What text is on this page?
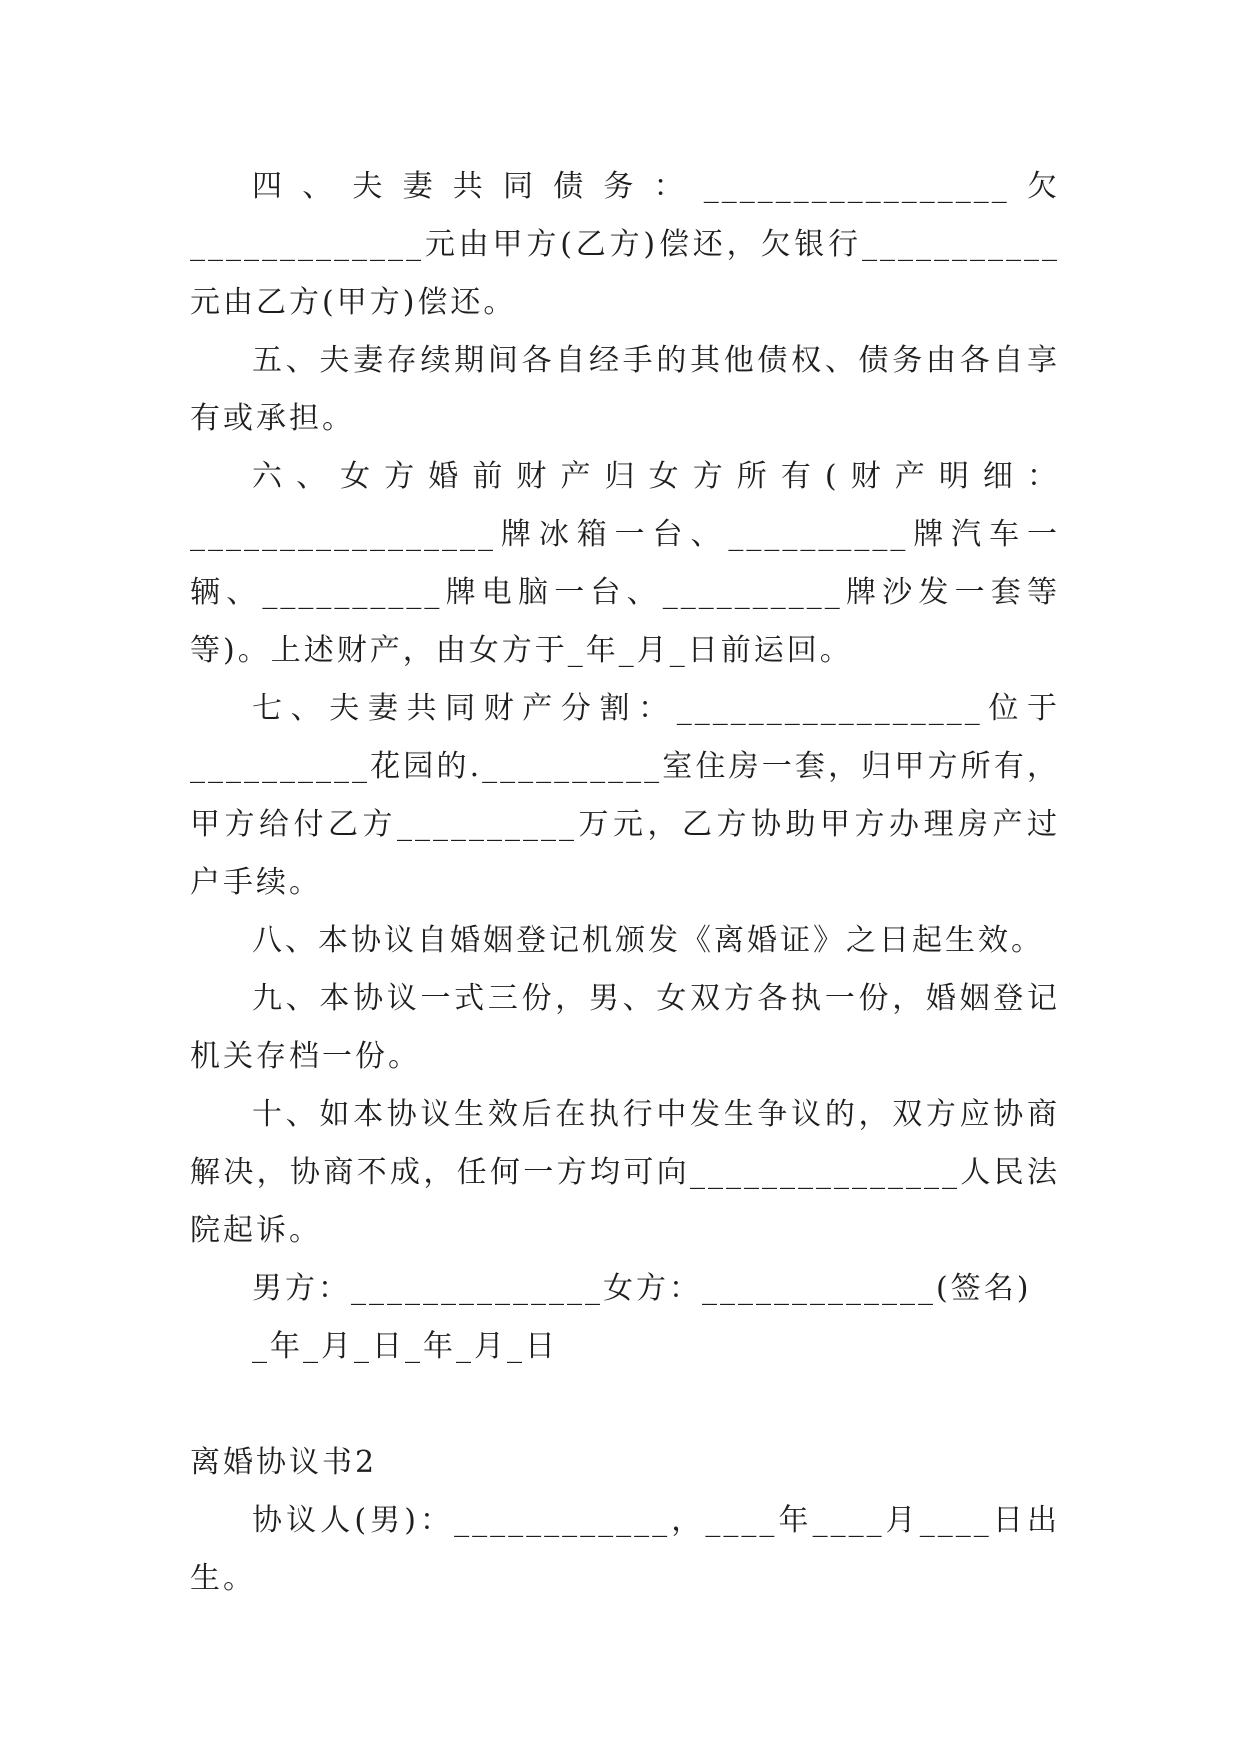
四、夫妻共同债务：_________________欠_____________元由甲方(乙方)偿还，欠银行___________元由乙方(甲方)偿还。

五、夫妻存续期间各自经手的其他债权、债务由各自享有或承担。

六、女方婚前财产归女方所有(财产明细：_________________牌冰箱一台、__________牌汽车一辆、__________牌电脑一台、__________牌沙发一套等等)。上述财产，由女方于_年_月_日前运回。

七、夫妻共同财产分割：_________________位于__________花园的.__________室住房一套，归甲方所有，甲方给付乙方__________万元，乙方协助甲方办理房产过户手续。

八、本协议自婚姻登记机颁发《离婚证》之日起生效。

九、本协议一式三份，男、女双方各执一份，婚姻登记机关存档一份。

十、如本协议生效后在执行中发生争议的，双方应协商解决，协商不成，任何一方均可向_______________人民法院起诉。

男方：______________女方：_____________(签名)

_年_月_日_年_月_日

离婚协议书2

协议人(男)：____________，____年____月____日出生。
